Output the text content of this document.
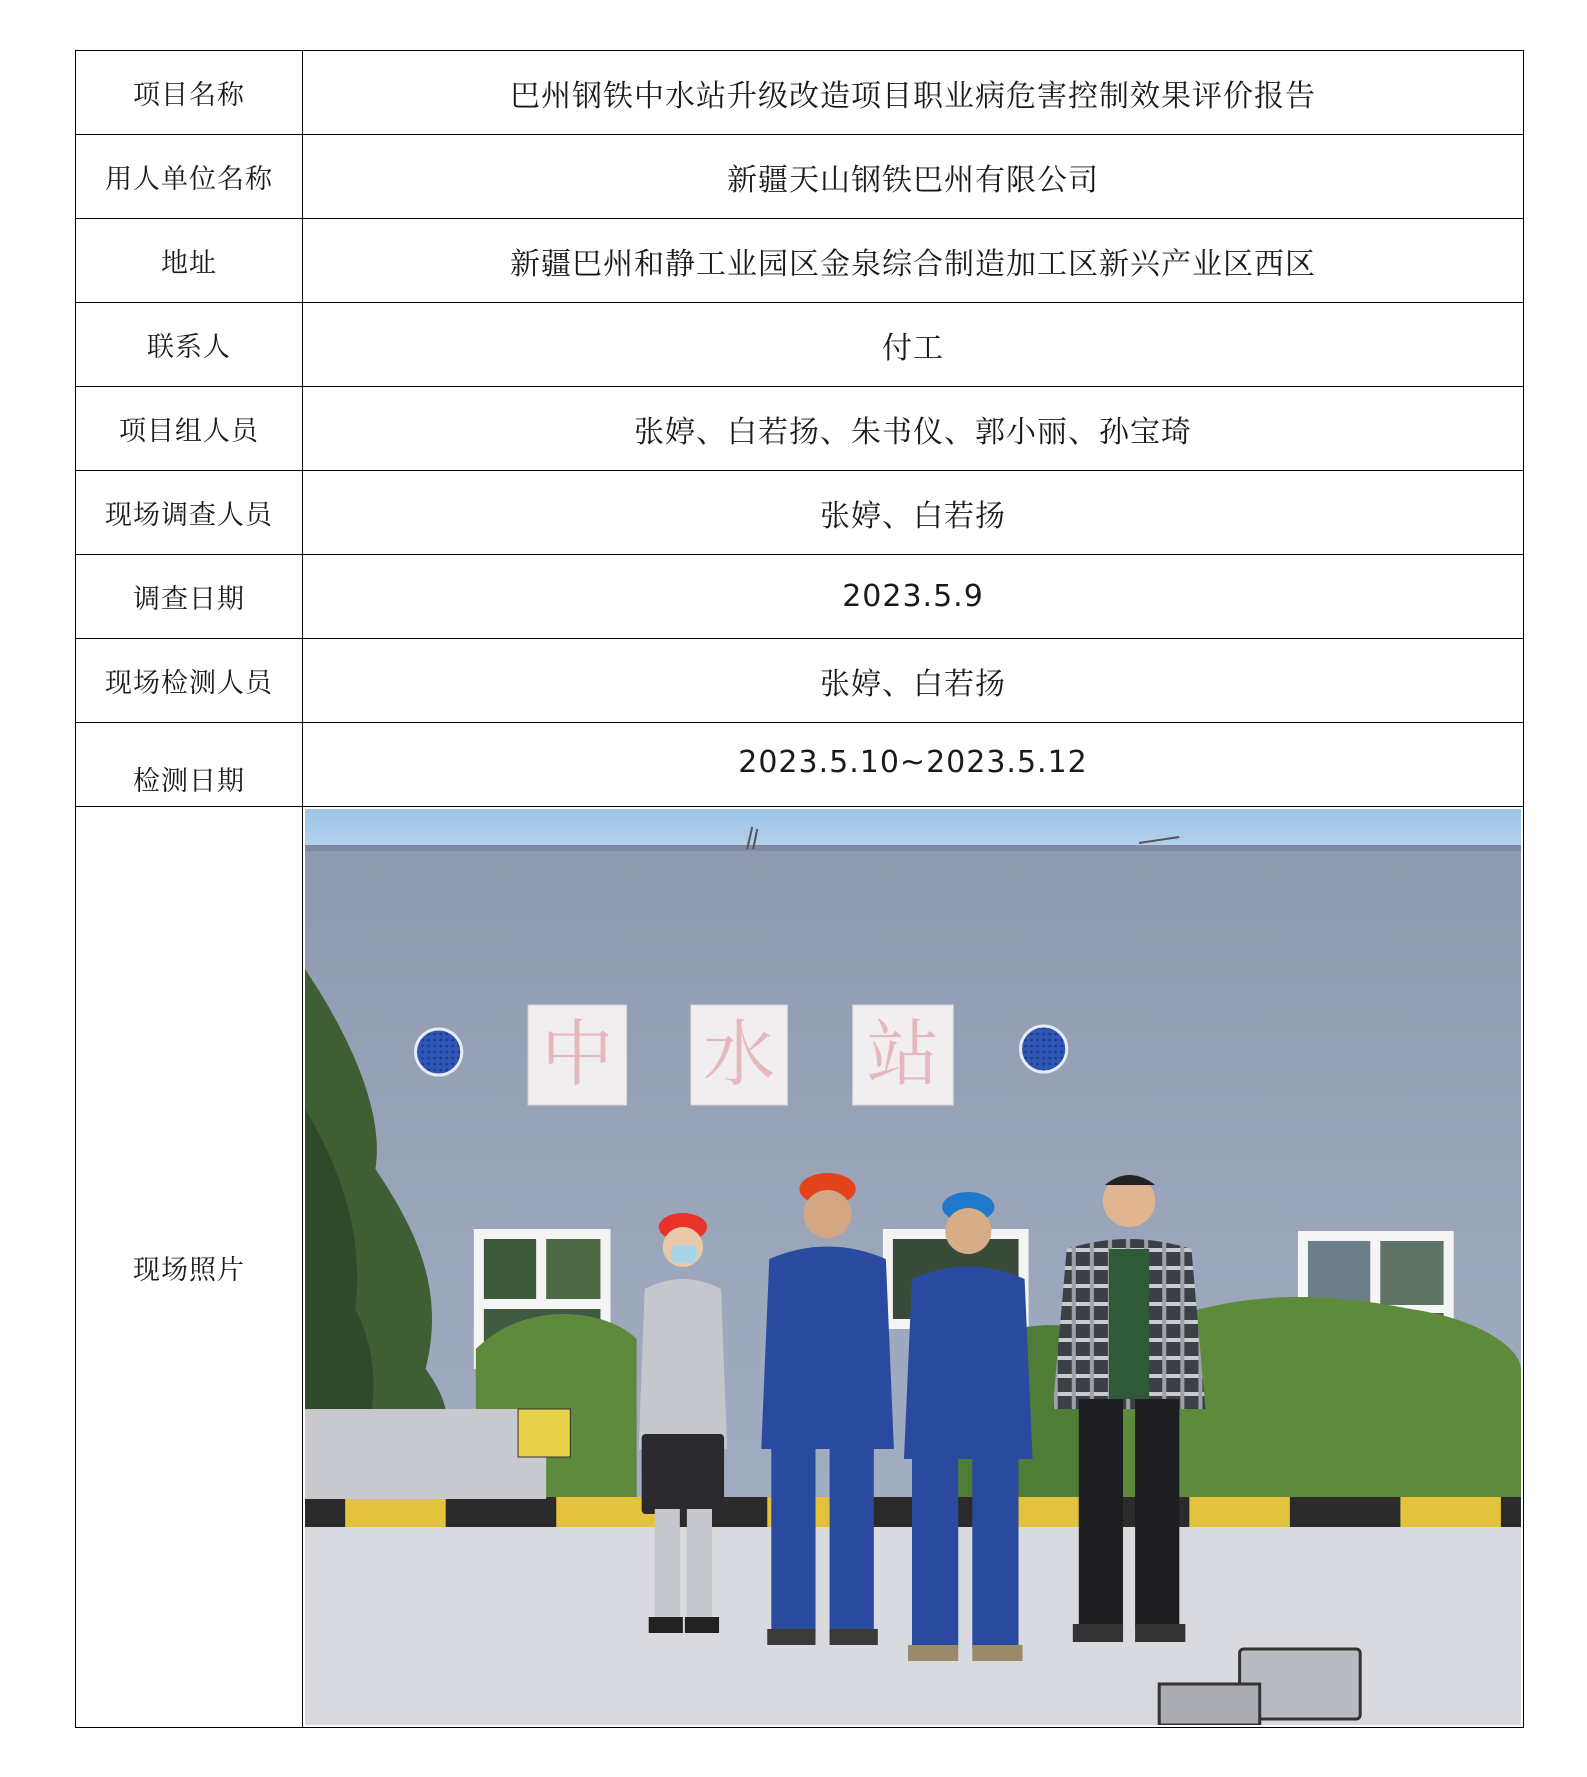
项目名称	巴州钢铁中水站升级改造项目职业病危害控制效果评价报告
用人单位名称	新疆天山钢铁巴州有限公司
地址	新疆巴州和静工业园区金泉综合制造加工区新兴产业区西区
联系人	付工
项目组人员	张婷、白若扬、朱书仪、郭小丽、孙宝琦
现场调查人员	张婷、白若扬
调查日期	2023.5.9
现场检测人员	张婷、白若扬
检测日期	2023.5.10~2023.5.12
现场照片	中 水 站
